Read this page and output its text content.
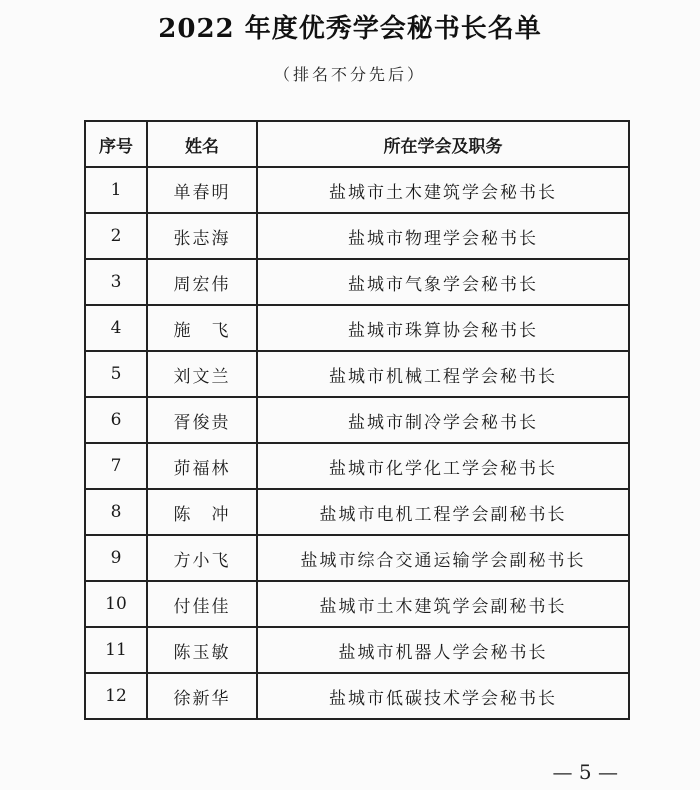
2022 年度优秀学会秘书长名单
（排名不分先后）
序号	姓名	所在学会及职务
1	单春明	盐城市土木建筑学会秘书长
2	张志海	盐城市物理学会秘书长
3	周宏伟	盐城市气象学会秘书长
4	施　飞	盐城市珠算协会秘书长
5	刘文兰	盐城市机械工程学会秘书长
6	胥俊贵	盐城市制冷学会秘书长
7	茆福林	盐城市化学化工学会秘书长
8	陈　冲	盐城市电机工程学会副秘书长
9	方小飞	盐城市综合交通运输学会副秘书长
10	付佳佳	盐城市土木建筑学会副秘书长
11	陈玉敏	盐城市机器人学会秘书长
12	徐新华	盐城市低碳技术学会秘书长
— 5 —
